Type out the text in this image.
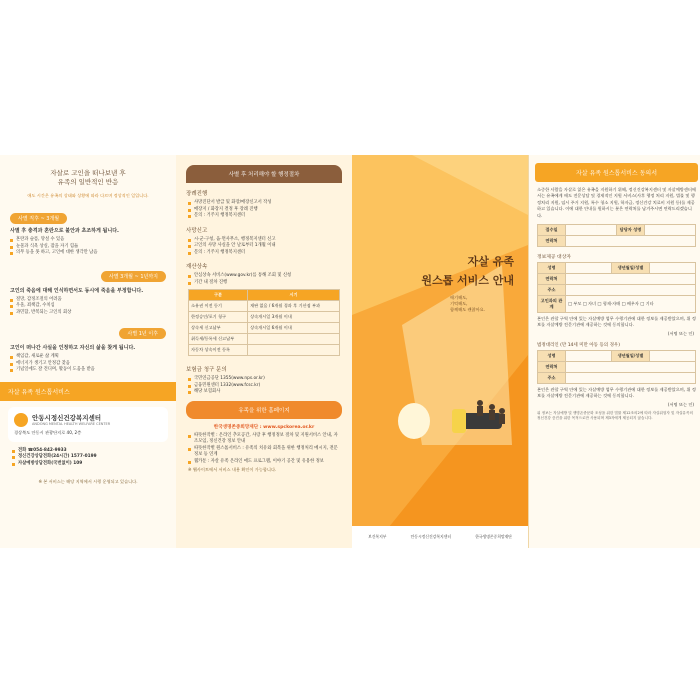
자살로 고인을 떠나보낸 후
유족의 일반적인 반응
애도 시간은 유족의 상태와 상황에 따라 다르며 정상적인 일입니다.
사별 직후 ~ 3개월
사별 후 충격과 혼란으로 불안과 초조하게 됩니다.
혼란과 슬픔, 망설 수 있음
눈물과 식욕 상실, 잠을 자기 힘듦
의무 등을 못 하고, 고인에 대한 생각만 남음
사별 3개월 ~ 1년까지
고인의 죽음에 대해 인식하면서도 동시에 죽음을 부정합니다.
절망, 감정조절의 어려움
우울, 죄책감, 수치심
과민함, 반복되는 고인의 회상
사별 1년 이후
고인이 떠나간 사실을 인정하고 자신의 삶을 찾게 됩니다.
책임감, 새로운 삶 계획
에너지가 생기고 안정감 찾음
기념일에도 잘 견디며, 활동이 도움을 받음
자살 유족 원스톱서비스
안동시정신건강복지센터
ANDONG MENTAL HEALTH WELFARE CENTER
경상북도 안동시 관광단지로 40, 2층
전화 ☎054-842-9933
정신건강상담전화(24시간) 1577-0199
자살예방상담전화(국번없이) 109
※ 본 서비스는 해당 지역에서 시행 운영되고 있습니다.
사별 후 처리해야 할 행정절차
장례진행
사망진단서 발급 및 화장/매장신고서 작성
매장지 / 화장지 결정 후 장례 진행
문의 : 거주지 행정복지센터
사망신고
시·군·구청, 읍·면사무소, 행정복지센터 신고
고인의 사망 사실을 안 날로부터 1개월 이내
문의 : 거주지 행정복지센터
재산상속
안심상속 서비스(www.gov.kr)를 통해 조회 및 신청
기간 내 절차 진행
구분	시기
소유권 이전 등기	재판 없음 / 6개월 경과 후 기산점 부과
한정승인/포기 청구	상속개시일 3개월 이내
상속세 신고납부	상속개시일 6개월 이내
취득세/등록세 신고납부	
자동차 상속이전 등록	
보험금 청구 문의
국민연금공단 1355(www.nps.or.kr)
금융민원센터 1332(www.fcsc.kr)
해당 보험회사
유족을 위한 홈페이지
한국생명존중희망재단 : www.spckorea.or.kr
따뜻한작별 : 온라인 추모공간, 사랑 후 행정정보 절차 및 지원서비스 안내, 자조모임, 정신건강 정보 안내
따뜻한작별 원스톱서비스 : 유족의 치유와 회복을 위한 행정처리 메시지, 전문 정보 등 연계
웹카툰 : 자살 유족 온라인 애도 프로그램, 이야기 공간 및 유용한 정보
※ 웹사이트에서 서비스 내용 확인이 가능합니다.
자살 유족
원스톱 서비스 안내
애기해도,
기억해도,
함께해도 괜찮아요.
보건복지부	안동시정신건강복지센터	한국생명존중희망재단
자살 유족 원스톱서비스 동의서
소중한 사람을 자살로 잃은 유족을 지원하기 위해, 정신건강복지센터 및 자살예방센터에서는 유족에게 애도 전문상담 및 경제적인 지원 서비스(사후 행정 처리 지원, 법률 및 행정처리 지원, 임시 주거 지원, 특수 청소 지원, 학자금, 정신건강 치료비 지원 등)를 제공하고 있습니다. 이에 대한 안내를 원하시는 분은 연락처를 남겨주시면 연락드리겠습니다.
접수일		담당자 성명	
연락처			
정보제공 대상자
성명		생년월일/성별	
연락처			
주소			
고인과의 관계	□ 부모 □ 자녀 □ 형제·자매 □ 배우자 □ 기타		
본인은 관할 구역 안에 있는 자살예방 업무 수행기관에 대한 정보를 제공받았으며, 위 정보를 자살예방 전문기관에 제공하는 것에 동의합니다.
(서명 또는 인)
법정대리인 (만 14세 미만 아동 등의 경우)
성명		생년월일/성별	
연락처			
주소			
본인은 관할 구역 안에 있는 자살예방 업무 수행기관에 대한 정보를 제공받았으며, 위 정보를 자살예방 전문기관에 제공하는 것에 동의합니다.
(서명 또는 인)
위 정보는 자살예방 및 생명존중문화 조성을 위한 법률 제12조의2에 따라 자살위험자 및 자살유족의 정신건강 증진을 위한 목적으로만 사용되며 제3자에게 제공되지 않습니다.
